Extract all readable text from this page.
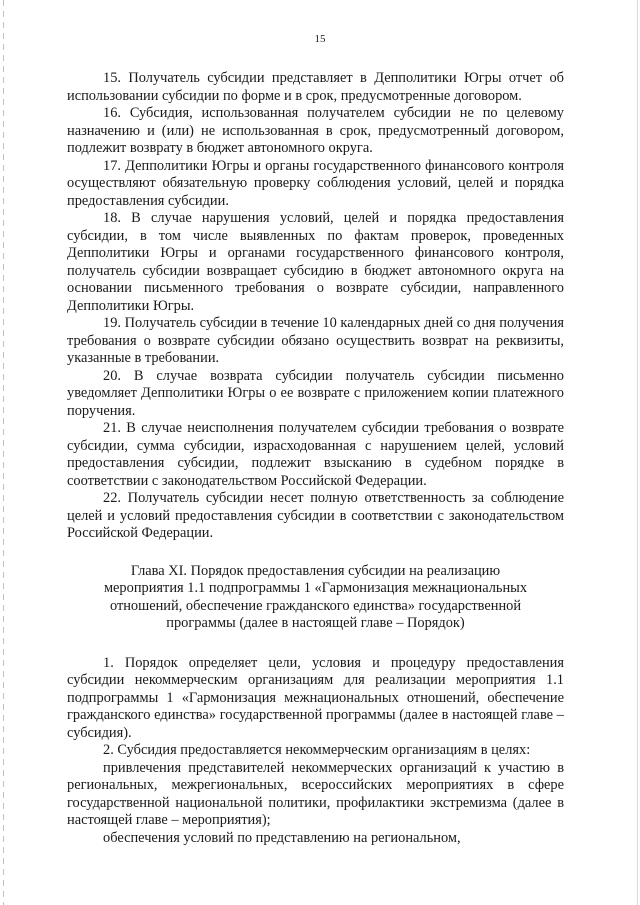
15

15. Получатель субсидии представляет в Депполитики Югры отчет об использовании субсидии по форме и в срок, предусмотренные договором.

16. Субсидия, использованная получателем субсидии не по целевому назначению и (или) не использованная в срок, предусмотренный договором, подлежит возврату в бюджет автономного округа.

17. Депполитики Югры и органы государственного финансового контроля осуществляют обязательную проверку соблюдения условий, целей и порядка предоставления субсидии.

18. В случае нарушения условий, целей и порядка предоставления субсидии, в том числе выявленных по фактам проверок, проведенных Депполитики Югры и органами государственного финансового контроля, получатель субсидии возвращает субсидию в бюджет автономного округа на основании письменного требования о возврате субсидии, направленного Депполитики Югры.

19. Получатель субсидии в течение 10 календарных дней со дня получения требования о возврате субсидии обязано осуществить возврат на реквизиты, указанные в требовании.

20. В случае возврата субсидии получатель субсидии письменно уведомляет Депполитики Югры о ее возврате с приложением копии платежного поручения.

21. В случае неисполнения получателем субсидии требования о возврате субсидии, сумма субсидии, израсходованная с нарушением целей, условий предоставления субсидии, подлежит взысканию в судебном порядке в соответствии с законодательством Российской Федерации.

22. Получатель субсидии несет полную ответственность за соблюдение целей и условий предоставления субсидии в соответствии с законодательством Российской Федерации.

Глава XI. Порядок предоставления субсидии на реализацию
мероприятия 1.1 подпрограммы 1 «Гармонизация межнациональных
отношений, обеспечение гражданского единства» государственной
программы (далее в настоящей главе – Порядок)

1. Порядок определяет цели, условия и процедуру предоставления субсидии некоммерческим организациям для реализации мероприятия 1.1 подпрограммы 1 «Гармонизация межнациональных отношений, обеспечение гражданского единства» государственной программы (далее в настоящей главе – субсидия).

2. Субсидия предоставляется некоммерческим организациям в целях:

привлечения представителей некоммерческих организаций к участию в региональных, межрегиональных, всероссийских мероприятиях в сфере государственной национальной политики, профилактики экстремизма (далее в настоящей главе – мероприятия);

обеспечения условий по представлению на региональном,
